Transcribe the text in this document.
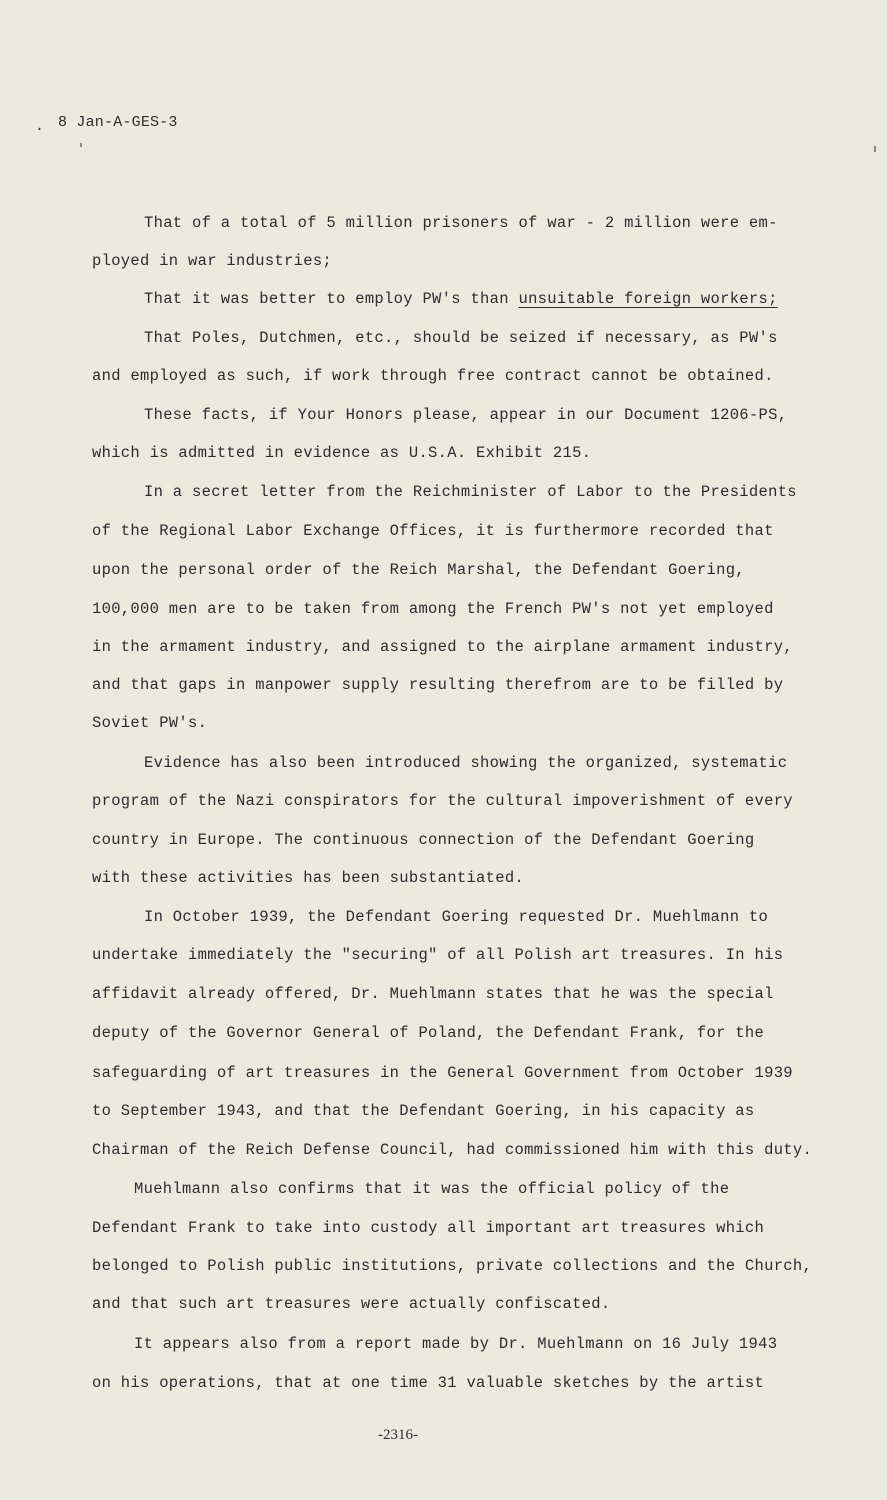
. 8 Jan-A-GES-3
That of a total of 5 million prisoners of war - 2 million were em-
ployed in war industries;
That it was better to employ PW's than unsuitable foreign workers;
That Poles, Dutchmen, etc., should be seized if necessary, as PW's
and employed as such, if work through free contract cannot be obtained.
These facts, if Your Honors please, appear in our Document 1206-PS,
which is admitted in evidence as U.S.A. Exhibit 215.
In a secret letter from the Reichminister of Labor to the Presidents
of the Regional Labor Exchange Offices, it is furthermore recorded that
upon the personal order of the Reich Marshal, the Defendant Goering,
100,000 men are to be taken from among the French PW's not yet employed
in the armament industry, and assigned to the airplane armament industry,
and that gaps in manpower supply resulting therefrom are to be filled by
Soviet PW's.
Evidence has also been introduced showing the organized, systematic
program of the Nazi conspirators for the cultural impoverishment of every
country in Europe. The continuous connection of the Defendant Goering
with these activities has been substantiated.
In October 1939, the Defendant Goering requested Dr. Muehlmann to
undertake immediately the "securing" of all Polish art treasures. In his
affidavit already offered, Dr. Muehlmann states that he was the special
deputy of the Governor General of Poland, the Defendant Frank, for the
safeguarding of art treasures in the General Government from October 1939
to September 1943, and that the Defendant Goering, in his capacity as
Chairman of the Reich Defense Council, had commissioned him with this duty.
Muehlmann also confirms that it was the official policy of the
Defendant Frank to take into custody all important art treasures which
belonged to Polish public institutions, private collections and the Church,
and that such art treasures were actually confiscated.
It appears also from a report made by Dr. Muehlmann on 16 July 1943
on his operations, that at one time 31 valuable sketches by the artist
-2316-
